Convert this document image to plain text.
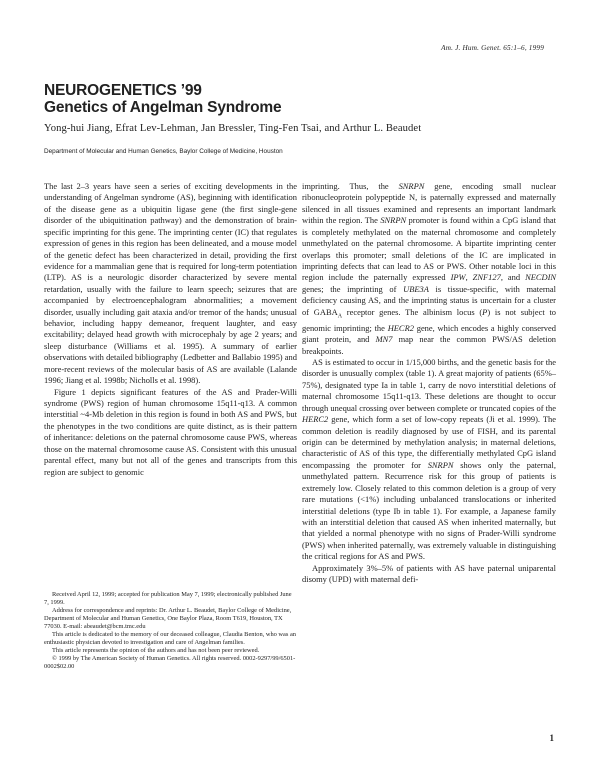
Am. J. Hum. Genet. 65:1–6, 1999
NEUROGENETICS ’99
Genetics of Angelman Syndrome
Yong-hui Jiang, Efrat Lev-Lehman, Jan Bressler, Ting-Fen Tsai, and Arthur L. Beaudet
Department of Molecular and Human Genetics, Baylor College of Medicine, Houston

The last 2–3 years have seen a series of exciting developments in the understanding of Angelman syndrome (AS), beginning with identification of the disease gene as a ubiquitin ligase gene (the first single-gene disorder of the ubiquitination pathway) and the demonstration of brain-specific imprinting for this gene. The imprinting center (IC) that regulates expression of genes in this region has been delineated, and a mouse model of the genetic defect has been characterized in detail, providing the first evidence for a mammalian gene that is required for long-term potentiation (LTP). AS is a neurologic disorder characterized by severe mental retardation, usually with the failure to learn speech; seizures that are accompanied by electroencephalogram abnormalities; a movement disorder, usually including gait ataxia and/or tremor of the hands; unusual behavior, including happy demeanor, frequent laughter, and easy excitability; delayed head growth with microcephaly by age 2 years; and sleep disturbance (Williams et al. 1995). A summary of earlier observations with detailed bibliography (Ledbetter and Ballabio 1995) and more-recent reviews of the molecular basis of AS are available (Lalande 1996; Jiang et al. 1998b; Nicholls et al. 1998).

Figure 1 depicts significant features of the AS and Prader-Willi syndrome (PWS) region of human chromosome 15q11-q13. A common interstitial ~4-Mb deletion in this region is found in both AS and PWS, but the phenotypes in the two conditions are quite distinct, as is their pattern of inheritance: deletions on the paternal chromosome cause PWS, whereas those on the maternal chromosome cause AS. Consistent with this unusual parental effect, many but not all of the genes and transcripts from this region are subject to genomic

Received April 12, 1999; accepted for publication May 7, 1999; electronically published June 7, 1999.

Address for correspondence and reprints: Dr. Arthur L. Beaudet, Baylor College of Medicine, Department of Molecular and Human Genetics, One Baylor Plaza, Room T619, Houston, TX 77030. E-mail: abeaudet@bcm.tmc.edu

This article is dedicated to the memory of our deceased colleague, Claudia Benton, who was an enthusiastic physician devoted to investigation and care of Angelman families.

This article represents the opinion of the authors and has not been peer reviewed.

© 1999 by The American Society of Human Genetics. All rights reserved. 0002-9297/99/6501-0002$02.00

imprinting. Thus, the SNRPN gene, encoding small nuclear ribonucleoprotein polypeptide N, is paternally expressed and maternally silenced in all tissues examined and represents an important landmark within the region. The SNRPN promoter is found within a CpG island that is completely methylated on the maternal chromosome and completely unmethylated on the paternal chromosome. A bipartite imprinting center overlaps this promoter; small deletions of the IC are implicated in imprinting defects that can lead to AS or PWS. Other notable loci in this region include the paternally expressed IPW, ZNF127, and NECDIN genes; the imprinting of UBE3A is tissue-specific, with maternal deficiency causing AS, and the imprinting status is uncertain for a cluster of $GABA_A$ receptor genes. The albinism locus (P) is not subject to genomic imprinting; the HECR2 gene, which encodes a highly conserved giant protein, and MN7 map near the common PWS/AS deletion breakpoints.

AS is estimated to occur in 1/15,000 births, and the genetic basis for the disorder is unusually complex (table 1). A great majority of patients (65%–75%), designated type Ia in table 1, carry de novo interstitial deletions of maternal chromosome 15q11-q13. These deletions are thought to occur through unequal crossing over between complete or truncated copies of the HERC2 gene, which form a set of low-copy repeats (Ji et al. 1999). The common deletion is readily diagnosed by use of FISH, and its parental origin can be determined by methylation analysis; in maternal deletions, characteristic of AS of this type, the differentially methylated CpG island encompassing the promoter for SNRPN shows only the paternal, unmethylated pattern. Recurrence risk for this group of patients is extremely low. Closely related to this common deletion is a group of very rare mutations (<1%) including unbalanced translocations or inherited interstitial deletions (type Ib in table 1). For example, a Japanese family with an interstitial deletion that caused AS when inherited maternally, but that yielded a normal phenotype with no signs of Prader-Willi syndrome (PWS) when inherited paternally, was extremely valuable in distinguishing the critical regions for AS and PWS.

Approximately 3%–5% of patients with AS have paternal uniparental disomy (UPD) with maternal defi-

1
